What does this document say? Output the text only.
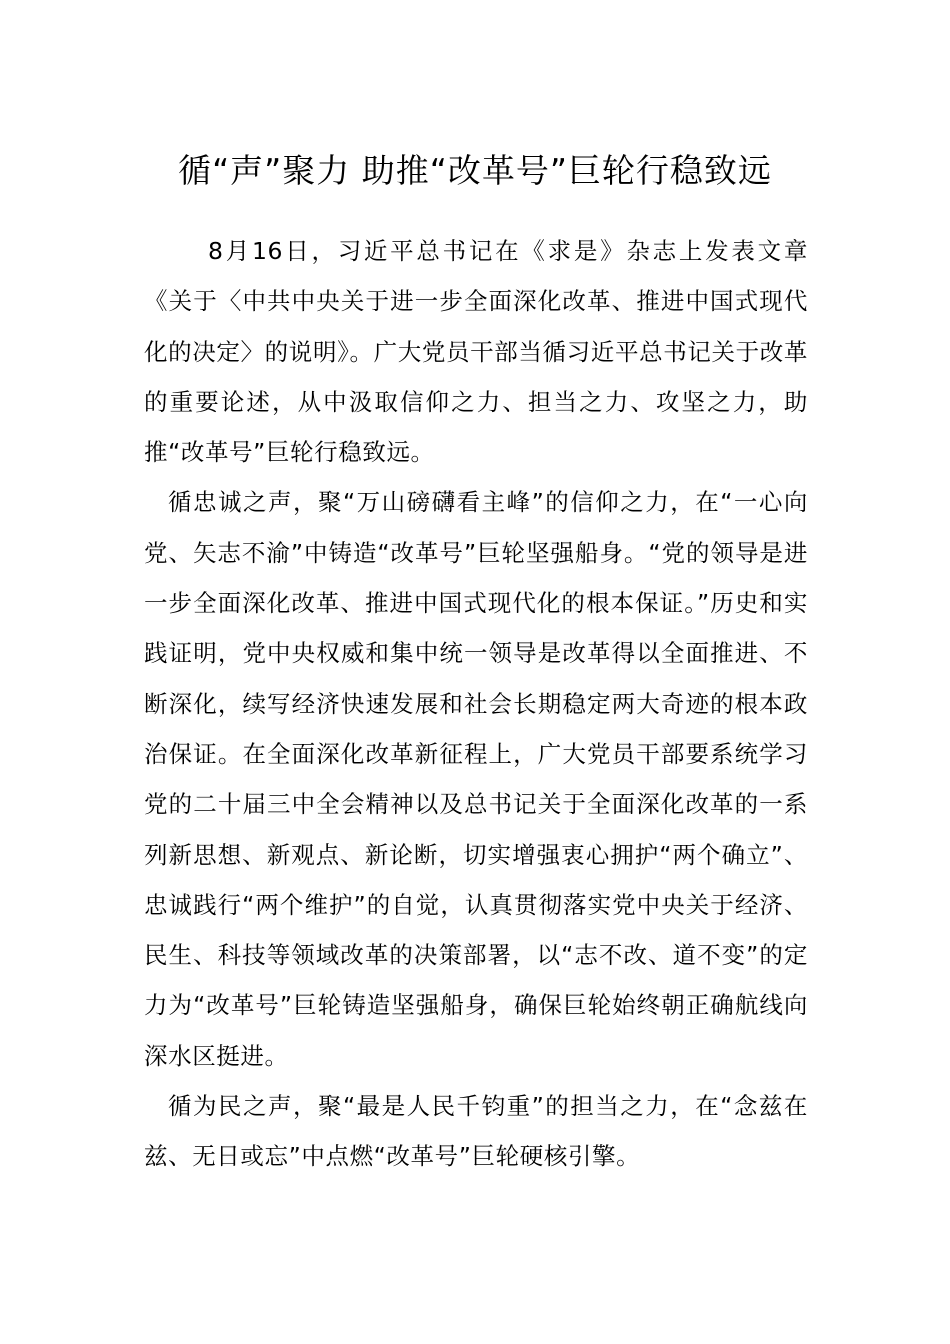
循“声”聚力 助推“改革号”巨轮行稳致远

8月16日，习近平总书记在《求是》杂志上发表文章《关于〈中共中央关于进一步全面深化改革、推进中国式现代化的决定〉的说明》。广大党员干部当循习近平总书记关于改革的重要论述，从中汲取信仰之力、担当之力、攻坚之力，助推“改革号”巨轮行稳致远。

循忠诚之声，聚“万山磅礴看主峰”的信仰之力，在“一心向党、矢志不渝”中铸造“改革号”巨轮坚强船身。“党的领导是进一步全面深化改革、推进中国式现代化的根本保证。”历史和实践证明，党中央权威和集中统一领导是改革得以全面推进、不断深化，续写经济快速发展和社会长期稳定两大奇迹的根本政治保证。在全面深化改革新征程上，广大党员干部要系统学习党的二十届三中全会精神以及总书记关于全面深化改革的一系列新思想、新观点、新论断，切实增强衷心拥护“两个确立”、忠诚践行“两个维护”的自觉，认真贯彻落实党中央关于经济、民生、科技等领域改革的决策部署，以“志不改、道不变”的定力为“改革号”巨轮铸造坚强船身，确保巨轮始终朝正确航线向深水区挺进。

循为民之声，聚“最是人民千钧重”的担当之力，在“念兹在兹、无日或忘”中点燃“改革号”巨轮硬核引擎。
